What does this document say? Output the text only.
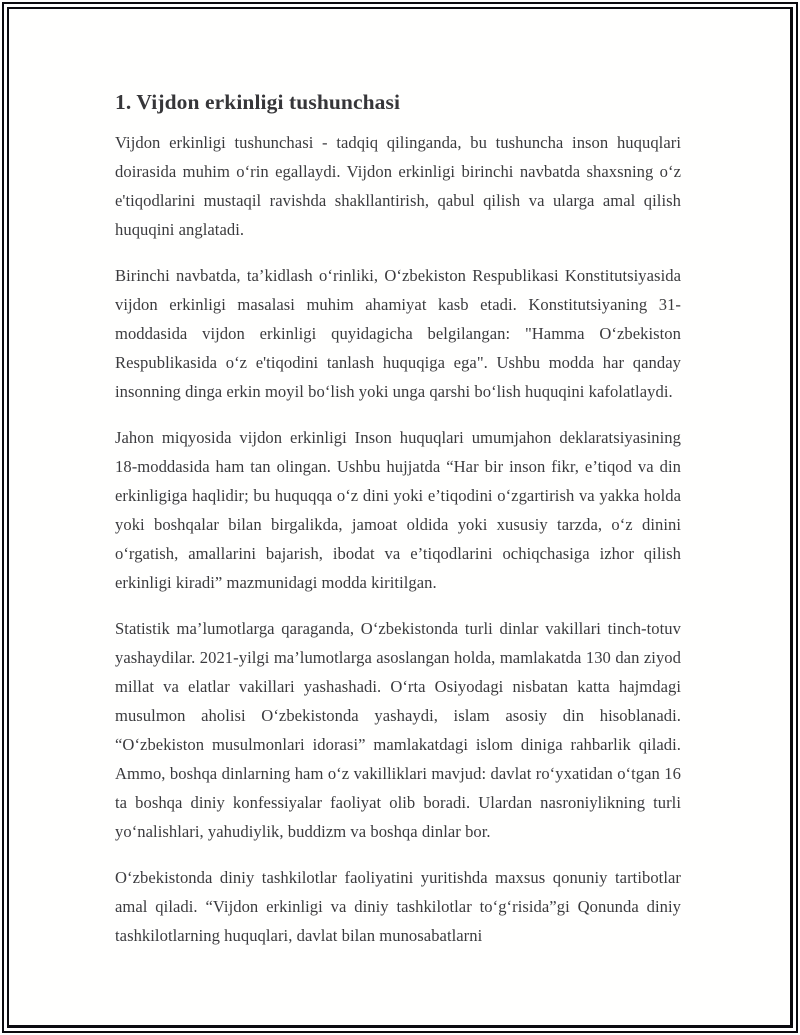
1. Vijdon erkinligi tushunchasi

Vijdon erkinligi tushunchasi - tadqiq qilinganda, bu tushuncha inson huquqlari doirasida muhim o‘rin egallaydi. Vijdon erkinligi birinchi navbatda shaxsning o‘z e'tiqodlarini mustaqil ravishda shakllantirish, qabul qilish va ularga amal qilish huquqini anglatadi.

Birinchi navbatda, ta’kidlash o‘rinliki, O‘zbekiston Respublikasi Konstitutsiyasida vijdon erkinligi masalasi muhim ahamiyat kasb etadi. Konstitutsiyaning 31-moddasida vijdon erkinligi quyidagicha belgilangan: "Hamma O‘zbekiston Respublikasida o‘z e'tiqodini tanlash huquqiga ega". Ushbu modda har qanday insonning dinga erkin moyil bo‘lish yoki unga qarshi bo‘lish huquqini kafolatlaydi.

Jahon miqyosida vijdon erkinligi Inson huquqlari umumjahon deklaratsiyasining 18-moddasida ham tan olingan. Ushbu hujjatda “Har bir inson fikr, e’tiqod va din erkinligiga haqlidir; bu huquqqa o‘z dini yoki e’tiqodini o‘zgartirish va yakka holda yoki boshqalar bilan birgalikda, jamoat oldida yoki xususiy tarzda, o‘z dinini o‘rgatish, amallarini bajarish, ibodat va e’tiqodlarini ochiqchasiga izhor qilish erkinligi kiradi” mazmunidagi modda kiritilgan.

Statistik ma’lumotlarga qaraganda, O‘zbekistonda turli dinlar vakillari tinch-totuv yashaydilar. 2021-yilgi ma’lumotlarga asoslangan holda, mamlakatda 130 dan ziyod millat va elatlar vakillari yashashadi. O‘rta Osiyodagi nisbatan katta hajmdagi musulmon aholisi O‘zbekistonda yashaydi, islam asosiy din hisoblanadi. “O‘zbekiston musulmonlari idorasi” mamlakatdagi islom diniga rahbarlik qiladi. Ammo, boshqa dinlarning ham o‘z vakilliklari mavjud: davlat ro‘yxatidan o‘tgan 16 ta boshqa diniy konfessiyalar faoliyat olib boradi. Ulardan nasroniylikning turli yo‘nalishlari, yahudiylik, buddizm va boshqa dinlar bor.

O‘zbekistonda diniy tashkilotlar faoliyatini yuritishda maxsus qonuniy tartibotlar amal qiladi. “Vijdon erkinligi va diniy tashkilotlar to‘g‘risida”gi Qonunda diniy tashkilotlarning huquqlari, davlat bilan munosabatlarni
